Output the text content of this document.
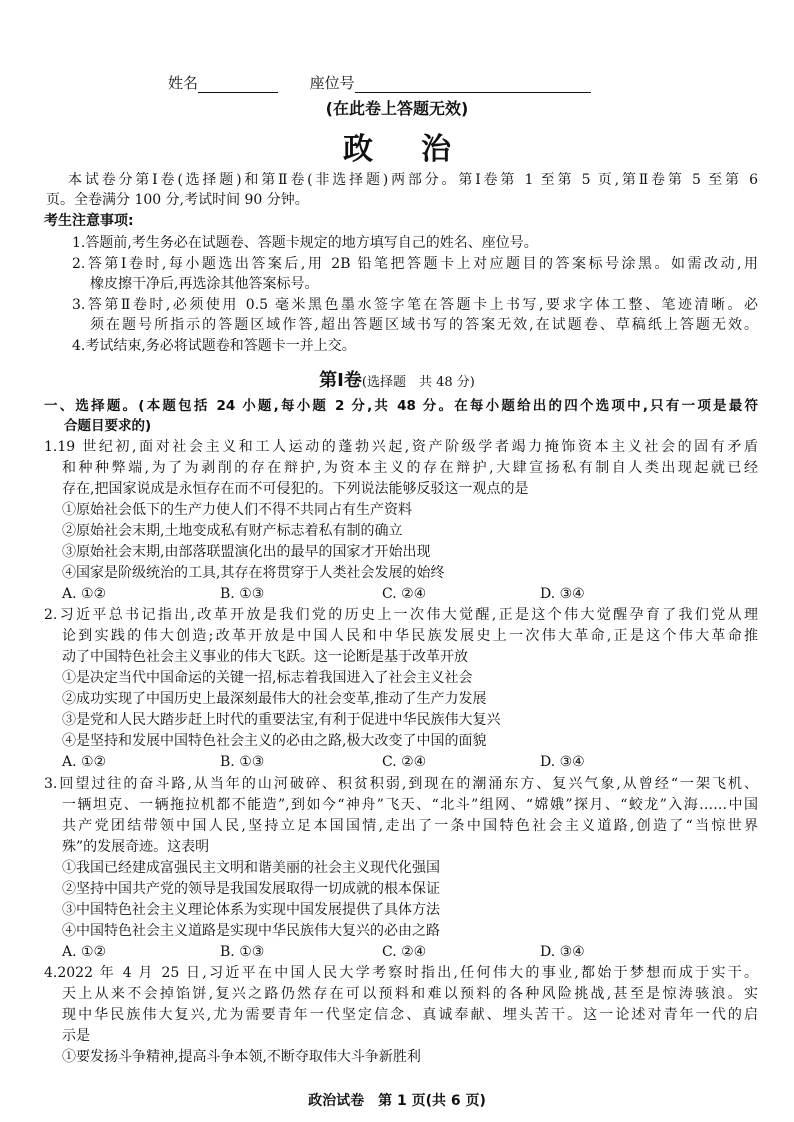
姓名	座位号
(在此卷上答题无效)
政治
本试卷分第Ⅰ卷(选择题)和第Ⅱ卷(非选择题)两部分。第Ⅰ卷第 1 至第 5 页,第Ⅱ卷第 5 至第 6
页。全卷满分 100 分,考试时间 90 分钟。
考生注意事项:
1.答题前,考生务必在试题卷、答题卡规定的地方填写自己的姓名、座位号。
2.答第Ⅰ卷时,每小题选出答案后,用 2B 铅笔把答题卡上对应题目的答案标号涂黑。如需改动,用
橡皮擦干净后,再选涂其他答案标号。
3.答第Ⅱ卷时,必须使用 0.5 毫米黑色墨水签字笔在答题卡上书写,要求字体工整、笔迹清晰。必
须在题号所指示的答题区域作答,超出答题区域书写的答案无效,在试题卷、草稿纸上答题无效。
4.考试结束,务必将试题卷和答题卡一并上交。
第Ⅰ卷(选择题　共 48 分)
一、选择题。(本题包括 24 小题,每小题 2 分,共 48 分。在每小题给出的四个选项中,只有一项是最符
合题目要求的)
1.19 世纪初,面对社会主义和工人运动的蓬勃兴起,资产阶级学者竭力掩饰资本主义社会的固有矛盾
和种种弊端,为了为剥削的存在辩护,为资本主义的存在辩护,大肆宣扬私有制自人类出现起就已经
存在,把国家说成是永恒存在而不可侵犯的。下列说法能够反驳这一观点的是
①原始社会低下的生产力使人们不得不共同占有生产资料
②原始社会末期,土地变成私有财产标志着私有制的确立
③原始社会末期,由部落联盟演化出的最早的国家才开始出现
④国家是阶级统治的工具,其存在将贯穿于人类社会发展的始终
A. ①②	B. ①③	C. ②④	D. ③④
2.习近平总书记指出,改革开放是我们党的历史上一次伟大觉醒,正是这个伟大觉醒孕育了我们党从理
论到实践的伟大创造;改革开放是中国人民和中华民族发展史上一次伟大革命,正是这个伟大革命推
动了中国特色社会主义事业的伟大飞跃。这一论断是基于改革开放
①是决定当代中国命运的关键一招,标志着我国进入了社会主义社会
②成功实现了中国历史上最深刻最伟大的社会变革,推动了生产力发展
③是党和人民大踏步赶上时代的重要法宝,有利于促进中华民族伟大复兴
④是坚持和发展中国特色社会主义的必由之路,极大改变了中国的面貌
A. ①②	B. ①③	C. ②④	D. ③④
3.回望过往的奋斗路,从当年的山河破碎、积贫积弱,到现在的潮涌东方、复兴气象,从曾经“一架飞机、
一辆坦克、一辆拖拉机都不能造”,到如今“神舟”飞天、“北斗”组网、“嫦娥”探月、“蛟龙”入海……中国
共产党团结带领中国人民,坚持立足本国国情,走出了一条中国特色社会主义道路,创造了“当惊世界
殊”的发展奇迹。这表明
①我国已经建成富强民主文明和谐美丽的社会主义现代化强国
②坚持中国共产党的领导是我国发展取得一切成就的根本保证
③中国特色社会主义理论体系为实现中国发展提供了具体方法
④中国特色社会主义道路是实现中华民族伟大复兴的必由之路
A. ①②	B. ①③	C. ②④	D. ③④
4.2022 年 4 月 25 日,习近平在中国人民大学考察时指出,任何伟大的事业,都始于梦想而成于实干。
天上从来不会掉馅饼,复兴之路仍然存在可以预料和难以预料的各种风险挑战,甚至是惊涛骇浪。实
现中华民族伟大复兴,尤为需要青年一代坚定信念、真诚奉献、埋头苦干。这一论述对青年一代的启
示是
①要发扬斗争精神,提高斗争本领,不断夺取伟大斗争新胜利
政治试卷　第 1 页(共 6 页)
